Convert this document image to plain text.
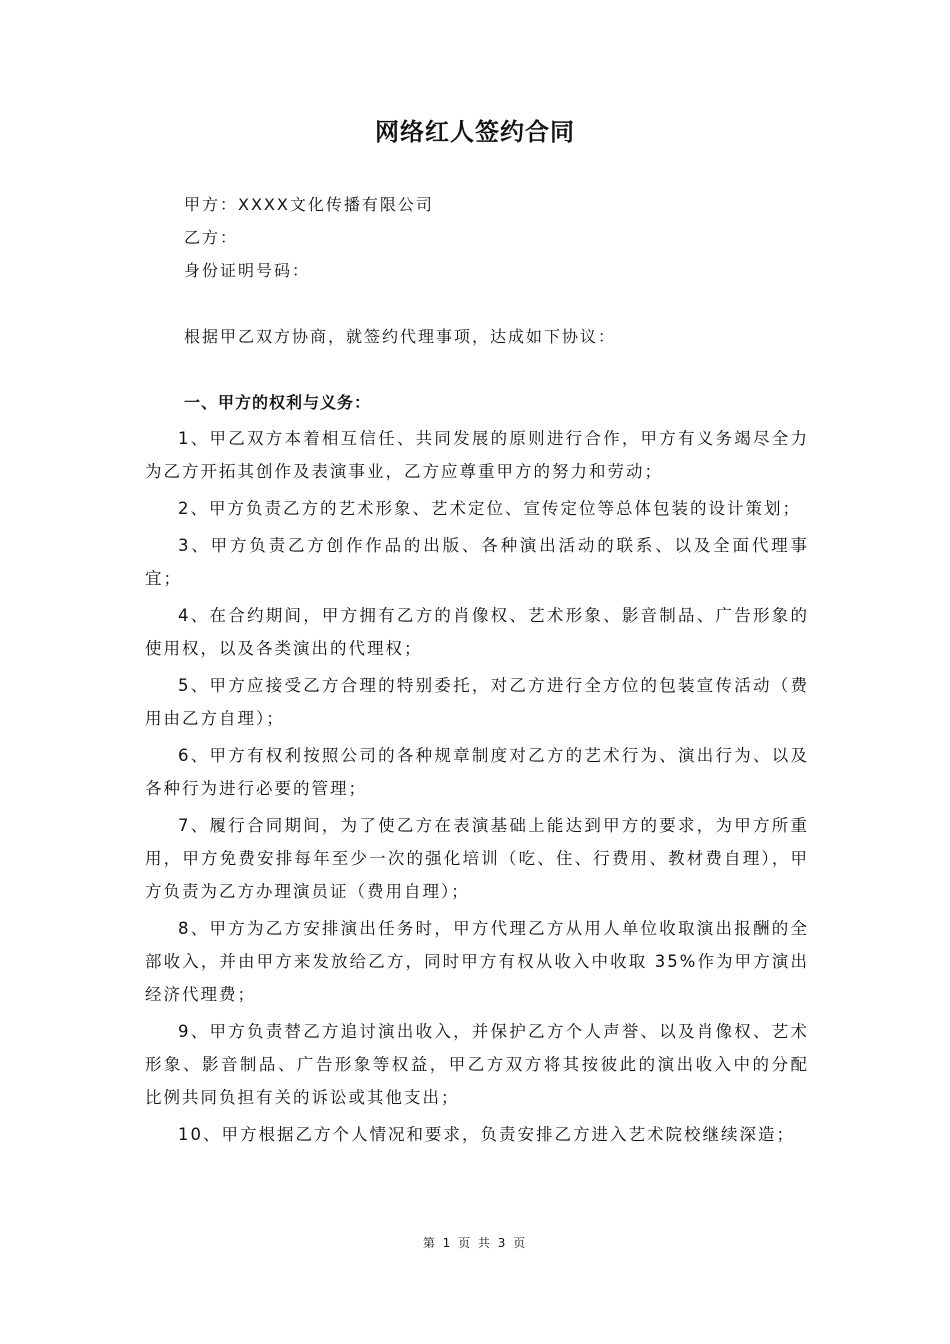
网络红人签约合同
甲方：XXXX文化传播有限公司
乙方：
身份证明号码：
根据甲乙双方协商，就签约代理事项，达成如下协议：
一、甲方的权利与义务：

1、甲乙双方本着相互信任、共同发展的原则进行合作，甲方有义务竭尽全力为乙方开拓其创作及表演事业，乙方应尊重甲方的努力和劳动；

2、甲方负责乙方的艺术形象、艺术定位、宣传定位等总体包装的设计策划；

3、甲方负责乙方创作作品的出版、各种演出活动的联系、以及全面代理事宜；

4、在合约期间，甲方拥有乙方的肖像权、艺术形象、影音制品、广告形象的使用权，以及各类演出的代理权；

5、甲方应接受乙方合理的特别委托，对乙方进行全方位的包装宣传活动（费用由乙方自理）；

6、甲方有权利按照公司的各种规章制度对乙方的艺术行为、演出行为、以及各种行为进行必要的管理；

7、履行合同期间，为了使乙方在表演基础上能达到甲方的要求，为甲方所重用，甲方免费安排每年至少一次的强化培训（吃、住、行费用、教材费自理），甲方负责为乙方办理演员证（费用自理）；

8、甲方为乙方安排演出任务时，甲方代理乙方从用人单位收取演出报酬的全部收入，并由甲方来发放给乙方，同时甲方有权从收入中收取 35%作为甲方演出经济代理费；

9、甲方负责替乙方追讨演出收入，并保护乙方个人声誉、以及肖像权、艺术形象、影音制品、广告形象等权益，甲乙方双方将其按彼此的演出收入中的分配比例共同负担有关的诉讼或其他支出；

10、甲方根据乙方个人情况和要求，负责安排乙方进入艺术院校继续深造；

第 1 页 共 3 页
